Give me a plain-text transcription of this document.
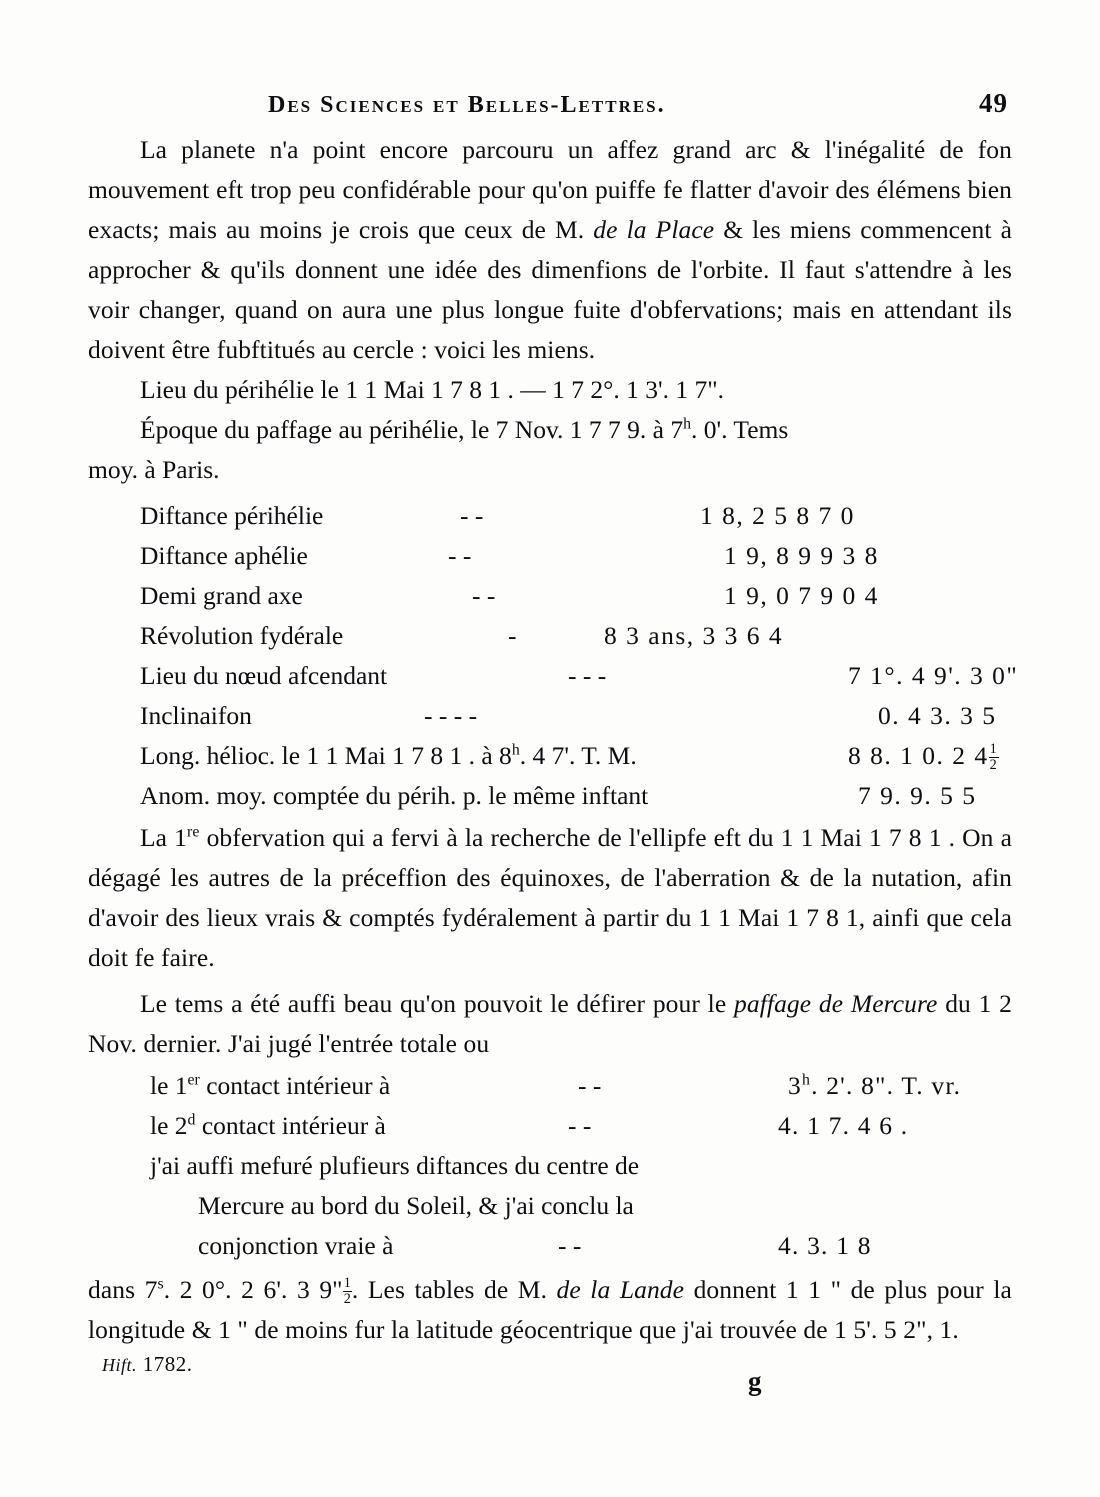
Des Sciences et Belles-Lettres.	49

La planete n'a point encore parcouru un affez grand arc & l'inégalité de fon mouvement eft trop peu confidérable pour qu'on puiffe fe flatter d'avoir des élémens bien exacts; mais au moins je crois que ceux de M. de la Place & les miens commencent à approcher & qu'ils donnent une idée des dimenfions de l'orbite. Il faut s'attendre à les voir changer, quand on aura une plus longue fuite d'obfervations; mais en attendant ils doivent être fubftitués au cercle : voici les miens.

Lieu du périhélie le 1 1 Mai 1 7 8 1 . — 1 7 2°. 1 3'. 1 7".

Époque du paffage au périhélie, le 7 Nov. 1 7 7 9. à 7$^h$. 0'. Tems

moy. à Paris.

Diftance périhélie	- -	1 8, 2 5 8 7 0
Diftance aphélie	- -	1 9, 8 9 9 3 8
Demi grand axe	- -	1 9, 0 7 9 0 4
Révolution fydérale	-	8 3 ans, 3 3 6 4
Lieu du nœud afcendant	- - -	7 1°. 4 9'. 3 0"
Inclinaifon	- - - -	0. 4 3. 3 5
Long. hélioc. le 1 1 Mai 1 7 8 1 . à 8$^h$. 4 7'. T. M.	8 8. 1 0. 2 $4 \frac{1}{2}$
Anom. moy. comptée du périh. p. le même inftant	7 9. 9. 5 5

La 1re obfervation qui a fervi à la recherche de l'ellipfe eft du 1 1 Mai 1 7 8 1 . On a dégagé les autres de la préceffion des équinoxes, de l'aberration & de la nutation, afin d'avoir des lieux vrais & comptés fydéralement à partir du 1 1 Mai 1 7 8 1, ainfi que cela doit fe faire.

Le tems a été auffi beau qu'on pouvoit le défirer pour le paffage de Mercure du 1 2 Nov. dernier. J'ai jugé l'entrée totale ou

le 1er contact intérieur à	- -	3$^h$. 2'. 8". T. vr.
le 2$^d$ contact intérieur à	- -	4. 1 7. 4 6 .
j'ai auffi mefuré plufieurs diftances du centre de
Mercure au bord du Soleil, & j'ai conclu la
conjonction vraie à	- -	4. 3. 1 8

dans 7$^s$. 2 0°. 2 6'. 3 9" $\frac{1}{2}$ . Les tables de M. de la Lande donnent 1 1 " de plus pour la longitude & 1 " de moins fur la latitude géocentrique que j'ai trouvée de 1 5'. 5 2", 1.

Hift. 1782.
g
